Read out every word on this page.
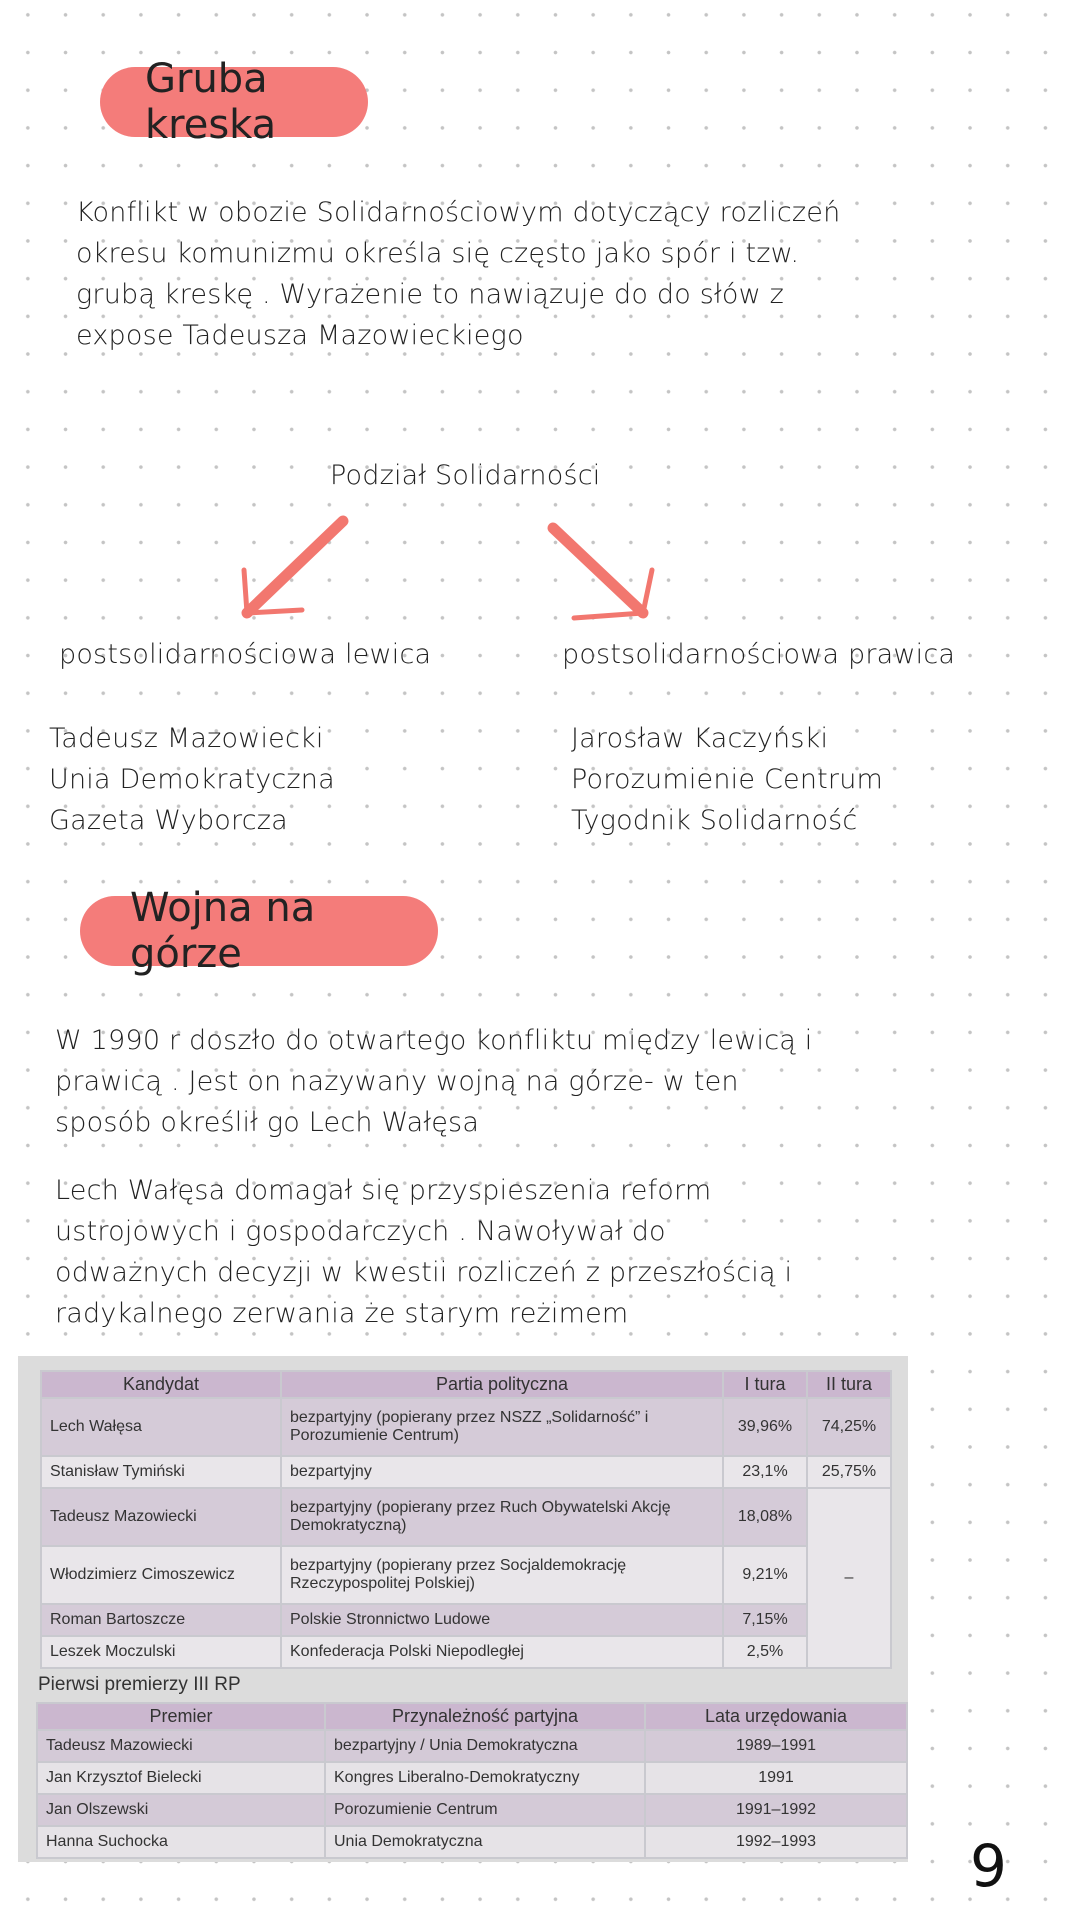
Gruba kreska
Konflikt w obozie Solidarnościowym dotyczący rozliczeń
okresu komunizmu określa się często jako spór i tzw.
grubą kreskę . Wyrażenie to nawiązuje do do słów z
expose Tadeusza Mazowieckiego
Podział Solidarności
postsolidarnościowa lewica	postsolidarnościowa prawica
Tadeusz Mazowiecki
Unia Demokratyczna
Gazeta Wyborcza
Jarosław Kaczyński
Porozumienie Centrum
Tygodnik Solidarność
Wojna na górze
W 1990 r doszło do otwartego konfliktu między lewicą i
prawicą . Jest on nazywany wojną na górze- w ten
sposób określił go Lech Wałęsa
Lech Wałęsa domagał się przyspieszenia reform
ustrojowych i gospodarczych . Nawoływał do
odważnych decyzji w kwestii rozliczeń z przeszłością i
radykalnego zerwania że starym reżimem
Kandydat	Partia polityczna	I tura	II tura
Lech Wałęsa	bezpartyjny (popierany przez NSZZ „Solidarność” i Porozumienie Centrum)	39,96%	74,25%
Stanisław Tymiński	bezpartyjny	23,1%	25,75%
Tadeusz Mazowiecki	bezpartyjny (popierany przez Ruch Obywatelski Akcję Demokratyczną)	18,08%	–
Włodzimierz Cimoszewicz	bezpartyjny (popierany przez Socjaldemokrację Rzeczypospolitej Polskiej)	9,21%	
Roman Bartoszcze	Polskie Stronnictwo Ludowe	7,15%	
Leszek Moczulski	Konfederacja Polski Niepodległej	2,5%	
Pierwsi premierzy III RP
Premier	Przynależność partyjna	Lata urzędowania
Tadeusz Mazowiecki	bezpartyjny / Unia Demokratyczna	1989–1991
Jan Krzysztof Bielecki	Kongres Liberalno-Demokratyczny	1991
Jan Olszewski	Porozumienie Centrum	1991–1992
Hanna Suchocka	Unia Demokratyczna	1992–1993	9
